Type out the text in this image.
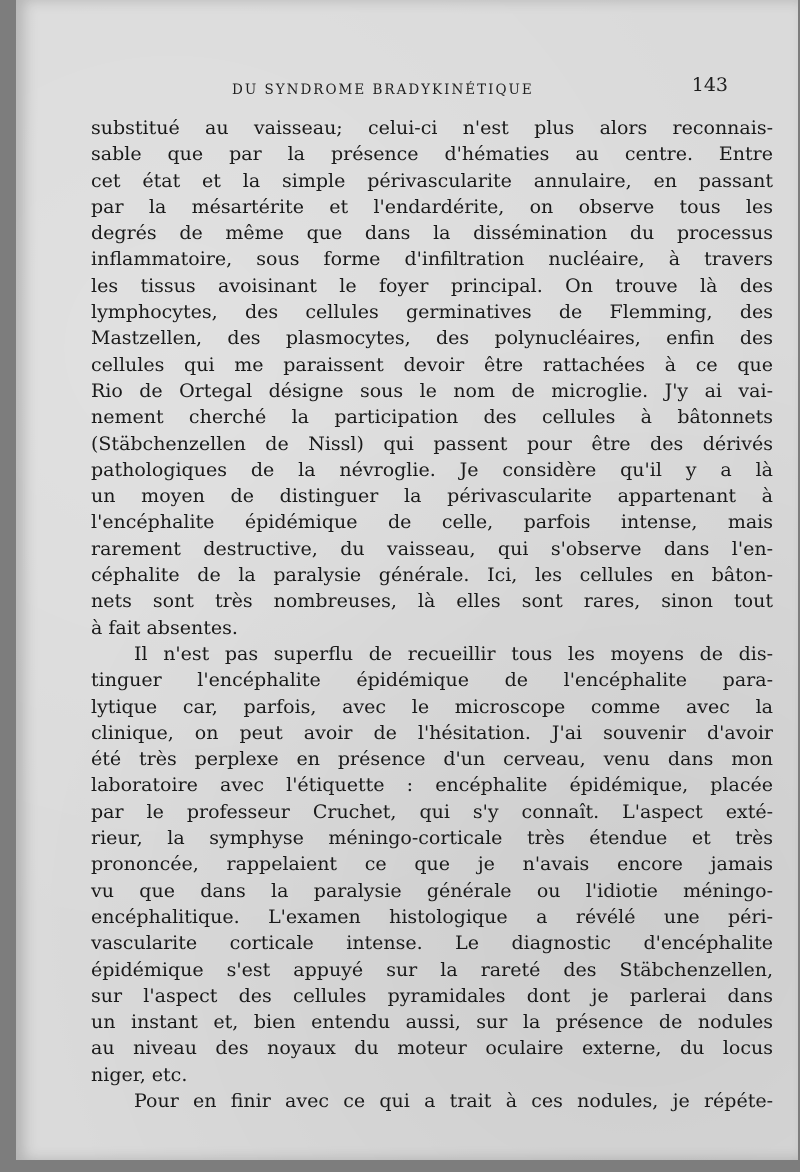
DU SYNDROME BRADYKINÉTIQUE	143
substitué au vaisseau; celui-ci n'est plus alors reconnais-
sable que par la présence d'hématies au centre. Entre
cet état et la simple périvascularite annulaire, en passant
par la mésartérite et l'endardérite, on observe tous les
degrés de même que dans la dissémination du processus
inflammatoire, sous forme d'infiltration nucléaire, à travers
les tissus avoisinant le foyer principal. On trouve là des
lymphocytes, des cellules germinatives de Flemming, des
Mastzellen, des plasmocytes, des polynucléaires, enfin des
cellules qui me paraissent devoir être rattachées à ce que
Rio de Ortegal désigne sous le nom de microglie. J'y ai vai-
nement cherché la participation des cellules à bâtonnets
(Stäbchenzellen de Nissl) qui passent pour être des dérivés
pathologiques de la névroglie. Je considère qu'il y a là
un moyen de distinguer la périvascularite appartenant à
l'encéphalite épidémique de celle, parfois intense, mais
rarement destructive, du vaisseau, qui s'observe dans l'en-
céphalite de la paralysie générale. Ici, les cellules en bâton-
nets sont très nombreuses, là elles sont rares, sinon tout
à fait absentes.
Il n'est pas superflu de recueillir tous les moyens de dis-
tinguer l'encéphalite épidémique de l'encéphalite para-
lytique car, parfois, avec le microscope comme avec la
clinique, on peut avoir de l'hésitation. J'ai souvenir d'avoir
été très perplexe en présence d'un cerveau, venu dans mon
laboratoire avec l'étiquette : encéphalite épidémique, placée
par le professeur Cruchet, qui s'y connaît. L'aspect exté-
rieur, la symphyse méningo-corticale très étendue et très
prononcée, rappelaient ce que je n'avais encore jamais
vu que dans la paralysie générale ou l'idiotie méningo-
encéphalitique. L'examen histologique a révélé une péri-
vascularite corticale intense. Le diagnostic d'encéphalite
épidémique s'est appuyé sur la rareté des Stäbchenzellen,
sur l'aspect des cellules pyramidales dont je parlerai dans
un instant et, bien entendu aussi, sur la présence de nodules
au niveau des noyaux du moteur oculaire externe, du locus
niger, etc.
Pour en finir avec ce qui a trait à ces nodules, je répéte-
